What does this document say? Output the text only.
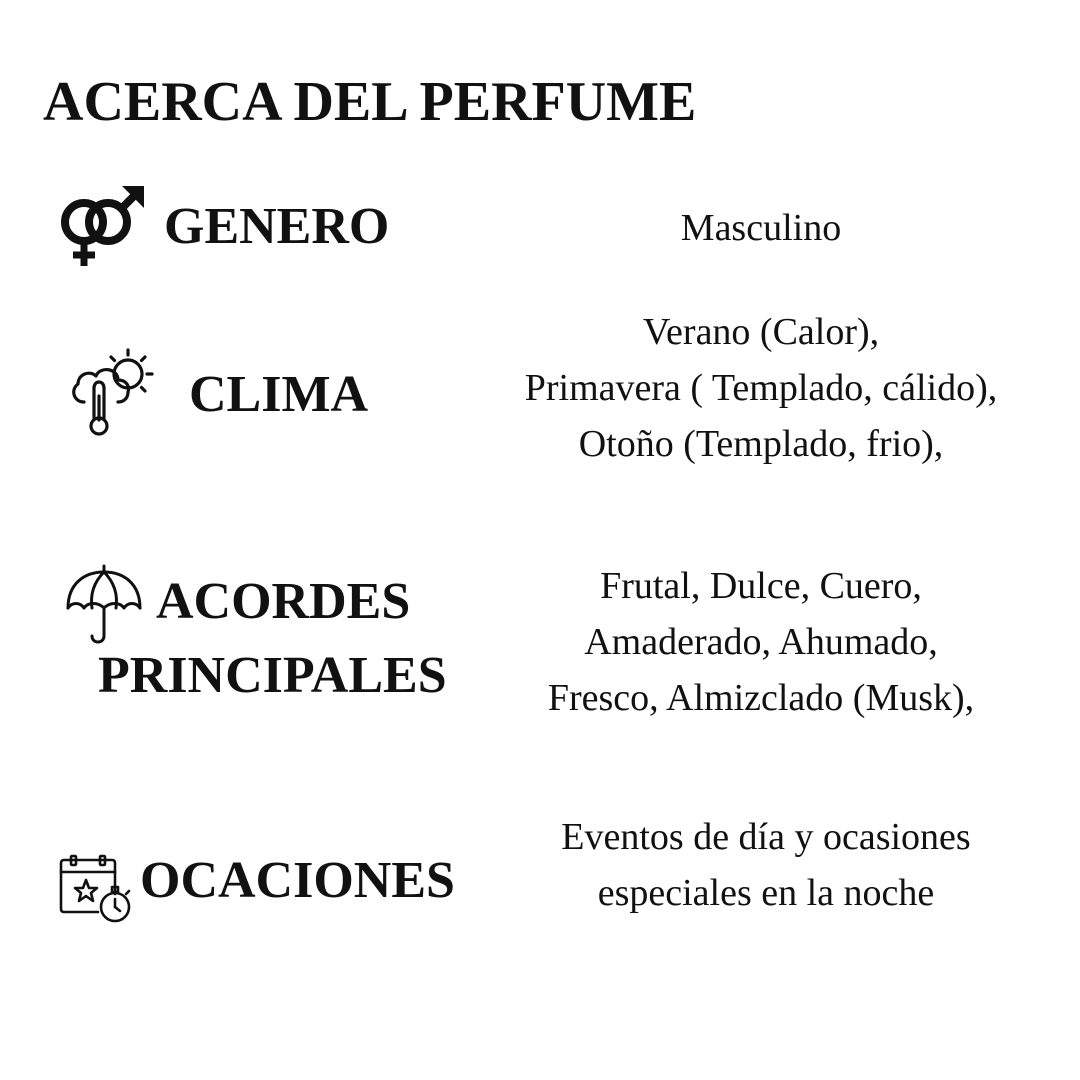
ACERCA DEL PERFUME
GENERO	Masculino
CLIMA
Verano (Calor),
Primavera ( Templado, cálido),
Otoño (Templado, frio),
ACORDES
PRINCIPALES
Frutal, Dulce, Cuero,
Amaderado, Ahumado,
Fresco, Almizclado (Musk),
OCACIONES
Eventos de día y ocasiones
especiales en la noche
